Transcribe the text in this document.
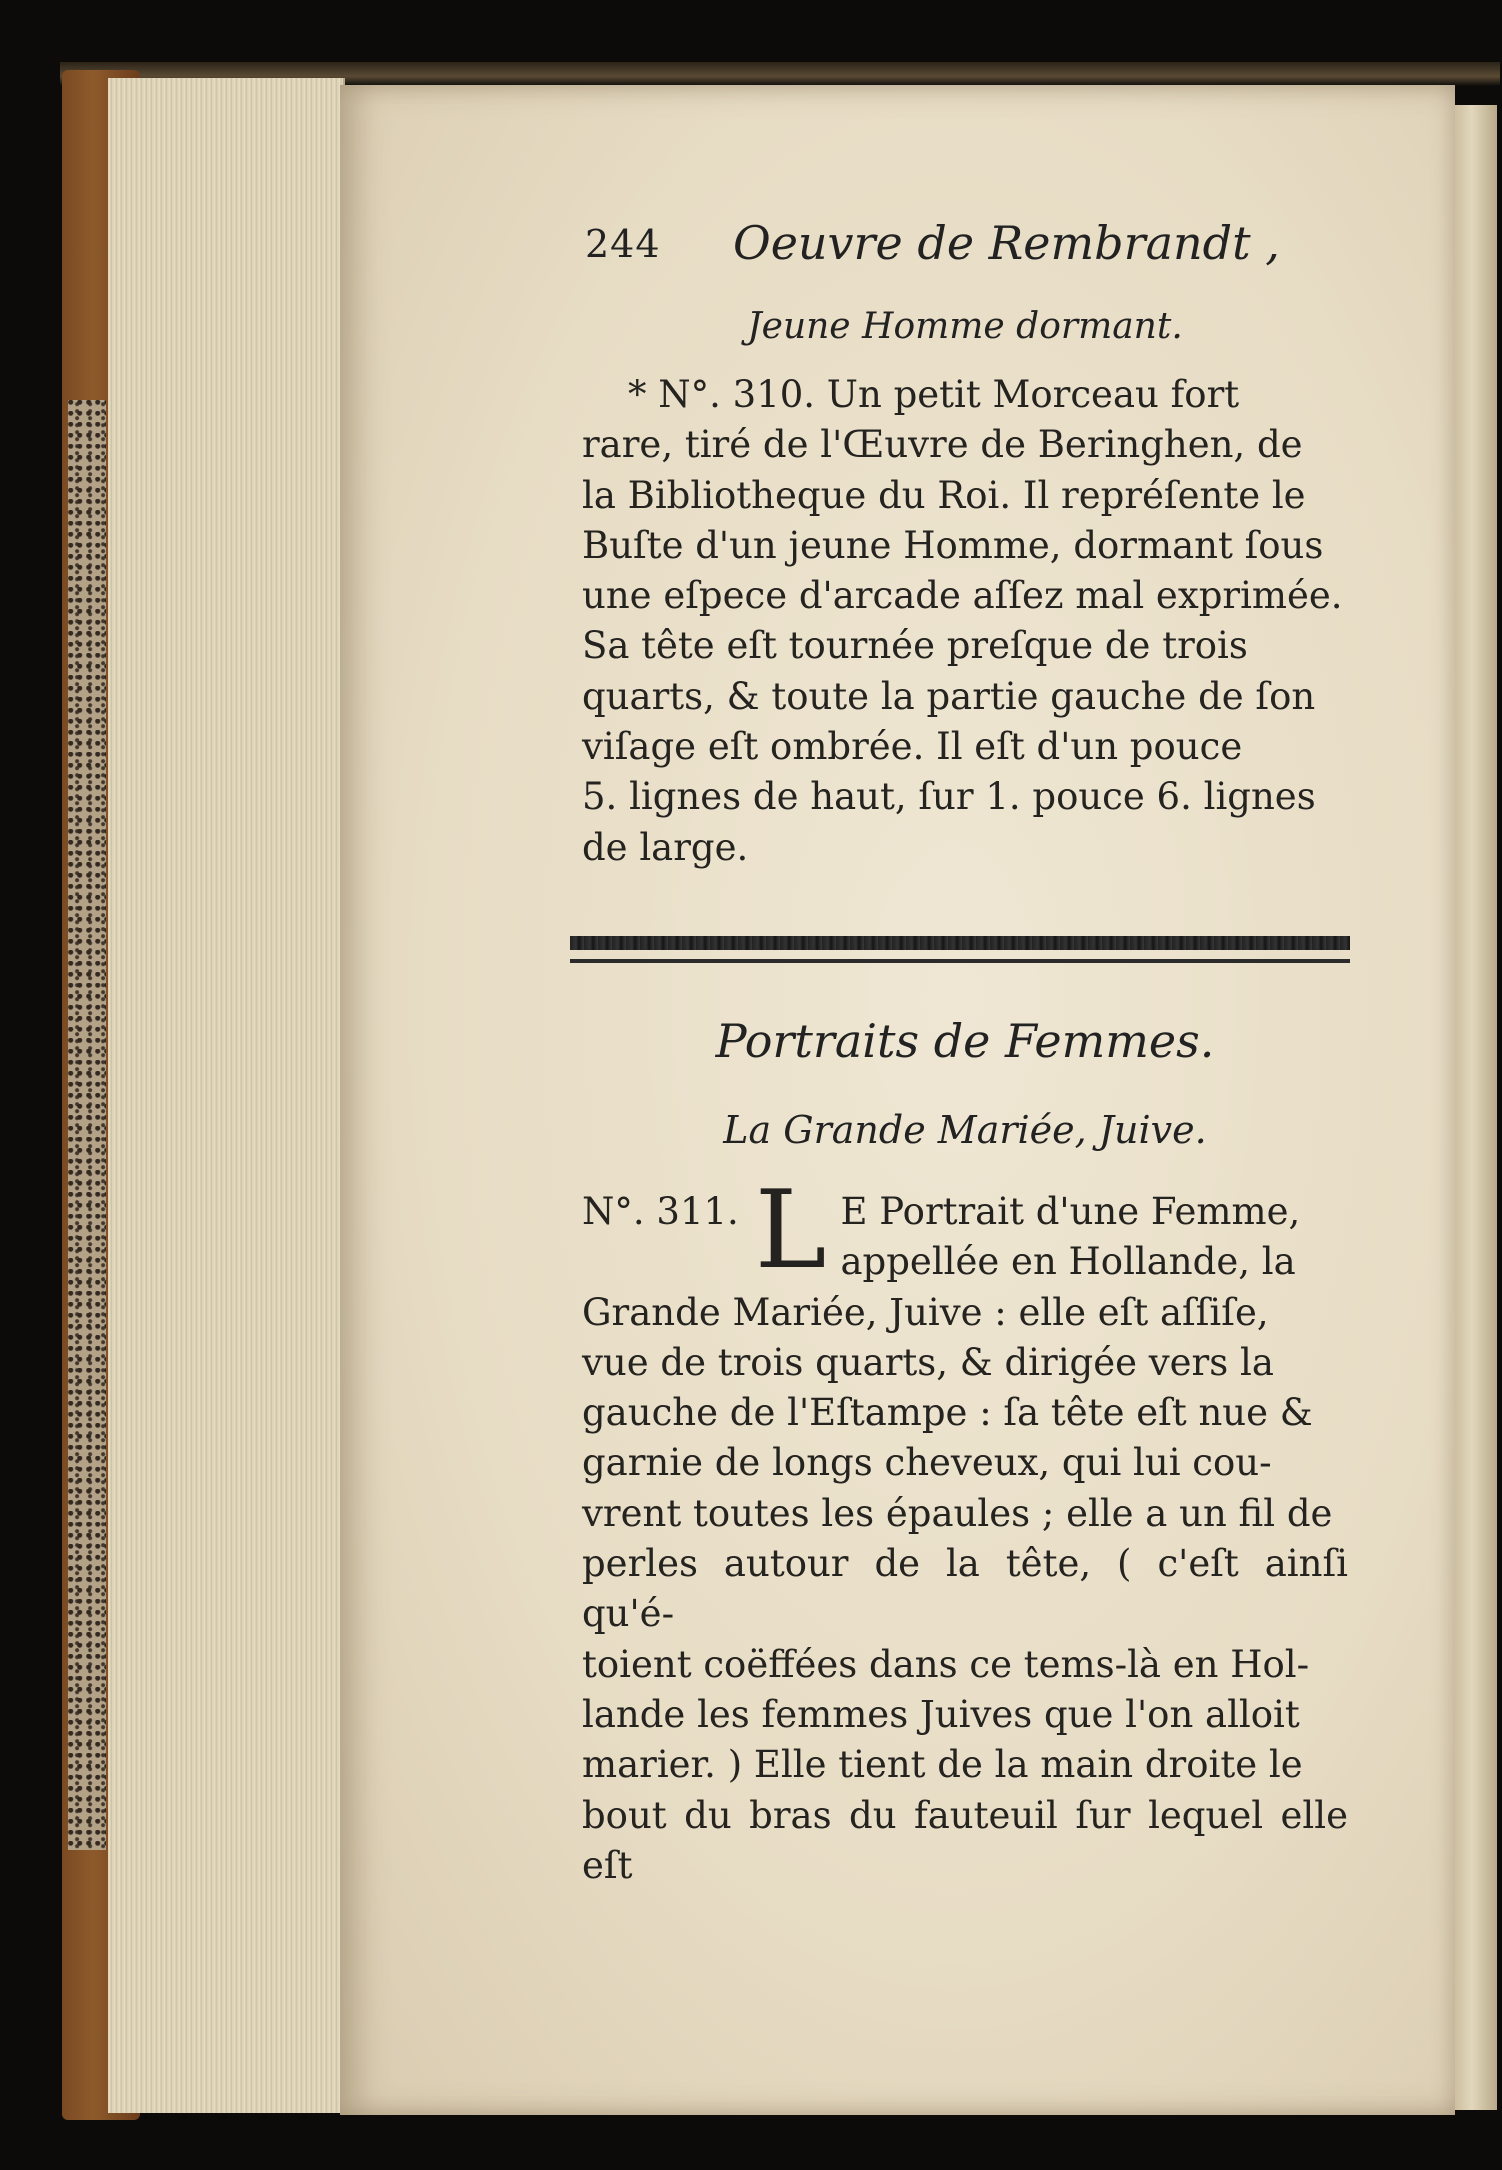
244 Oeuvre de Rembrandt ,
Jeune Homme dormant.

* N°. 310. Un petit Morceau fort

rare, tiré de l'Œuvre de Beringhen, de

la Bibliotheque du Roi. Il repréſente le

Buſte d'un jeune Homme, dormant ſous

une eſpece d'arcade aſſez mal exprimée.

Sa tête eſt tournée preſque de trois

quarts, & toute la partie gauche de ſon

viſage eſt ombrée. Il eſt d'un pouce

5. lignes de haut, ſur 1. pouce 6. lignes

de large.

Portraits de Femmes.
La Grande Mariée, Juive.
N°. 311. L E Portrait d'une Femme,

appellée en Hollande, la

Grande Mariée, Juive : elle eſt aſſiſe,

vue de trois quarts, & dirigée vers la

gauche de l'Eſtampe : ſa tête eſt nue &

garnie de longs cheveux, qui lui cou-

vrent toutes les épaules ; elle a un fil de

perles autour de la tête, ( c'eſt ainſi qu'é-

toient coëffées dans ce tems-là en Hol-

lande les femmes Juives que l'on alloit

marier. ) Elle tient de la main droite le

bout du bras du fauteuil ſur lequel elle eſt
